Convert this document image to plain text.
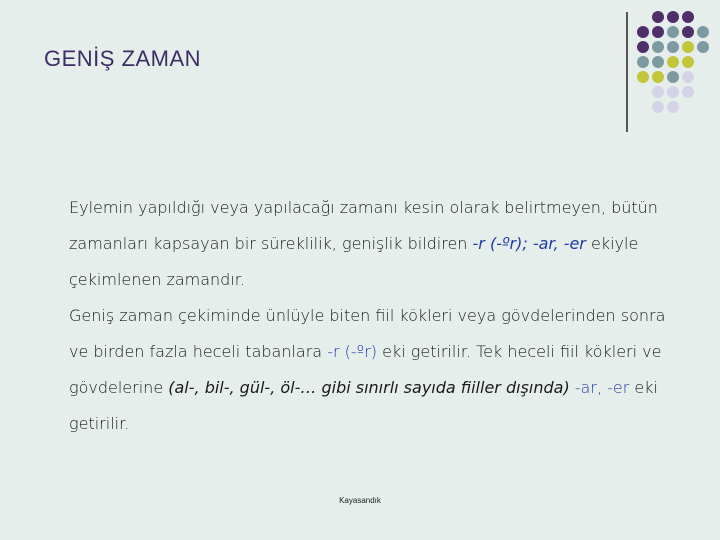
GENİŞ ZAMAN
Eylemin yapıldığı veya yapılacağı zamanı kesin olarak belirtmeyen, bütün zamanları kapsayan bir süreklilik, genişlik bildiren -r (-ºr); -ar, -er ekiyle çekimlenen zamandır.
Geniş zaman çekiminde ünlüyle biten fiil kökleri veya gövdelerinden sonra ve birden fazla heceli tabanlara -r (-ºr) eki getirilir. Tek heceli fiil kökleri ve gövdelerine (al-, bil-, gül-, öl-… gibi sınırlı sayıda fiiller dışında) -ar, -er eki getirilir.
Kayasandık
